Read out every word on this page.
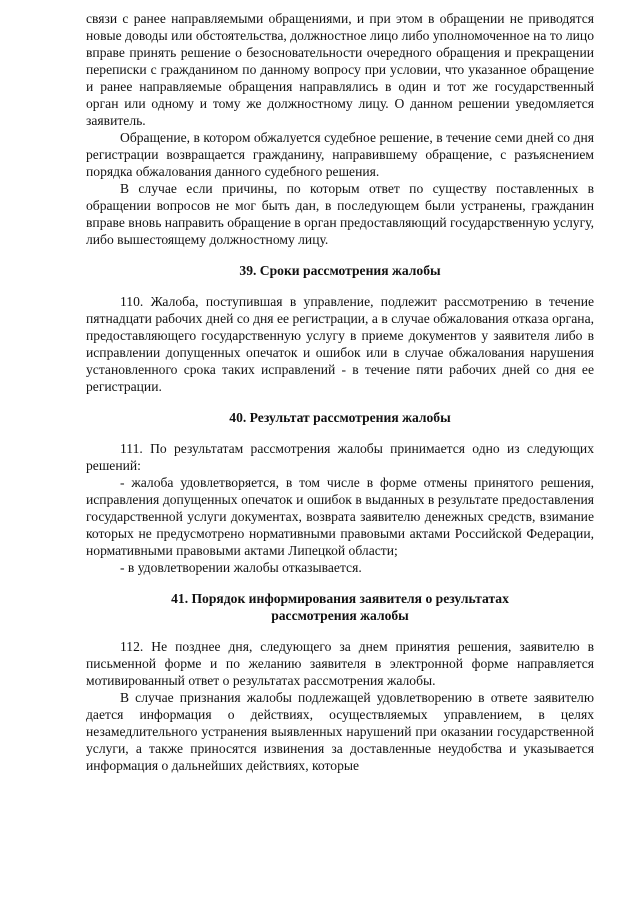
связи с ранее направляемыми обращениями, и при этом в обращении не приводятся новые доводы или обстоятельства, должностное лицо либо уполномоченное на то лицо вправе принять решение о безосновательности очередного обращения и прекращении переписки с гражданином по данному вопросу при условии, что указанное обращение и ранее направляемые обращения направлялись в один и тот же государственный орган или одному и тому же должностному лицу. О данном решении уведомляется заявитель.

Обращение, в котором обжалуется судебное решение, в течение семи дней со дня регистрации возвращается гражданину, направившему обращение, с разъяснением порядка обжалования данного судебного решения.

В случае если причины, по которым ответ по существу поставленных в обращении вопросов не мог быть дан, в последующем были устранены, гражданин вправе вновь направить обращение в орган предоставляющий государственную услугу, либо вышестоящему должностному лицу.

39. Сроки рассмотрения жалобы

110. Жалоба, поступившая в управление, подлежит рассмотрению в течение пятнадцати рабочих дней со дня ее регистрации, а в случае обжалования отказа органа, предоставляющего государственную услугу в приеме документов у заявителя либо в исправлении допущенных опечаток и ошибок или в случае обжалования нарушения установленного срока таких исправлений - в течение пяти рабочих дней со дня ее регистрации.

40. Результат рассмотрения жалобы

111. По результатам рассмотрения жалобы принимается одно из следующих решений:

- жалоба удовлетворяется, в том числе в форме отмены принятого решения, исправления допущенных опечаток и ошибок в выданных в результате предоставления государственной услуги документах, возврата заявителю денежных средств, взимание которых не предусмотрено нормативными правовыми актами Российской Федерации, нормативными правовыми актами Липецкой области;

- в удовлетворении жалобы отказывается.

41. Порядок информирования заявителя о результатах

рассмотрения жалобы

112. Не позднее дня, следующего за днем принятия решения, заявителю в письменной форме и по желанию заявителя в электронной форме направляется мотивированный ответ о результатах рассмотрения жалобы.

В случае признания жалобы подлежащей удовлетворению в ответе заявителю дается информация о действиях, осуществляемых управлением, в целях незамедлительного устранения выявленных нарушений при оказании государственной услуги, а также приносятся извинения за доставленные неудобства и указывается информация о дальнейших действиях, которые
